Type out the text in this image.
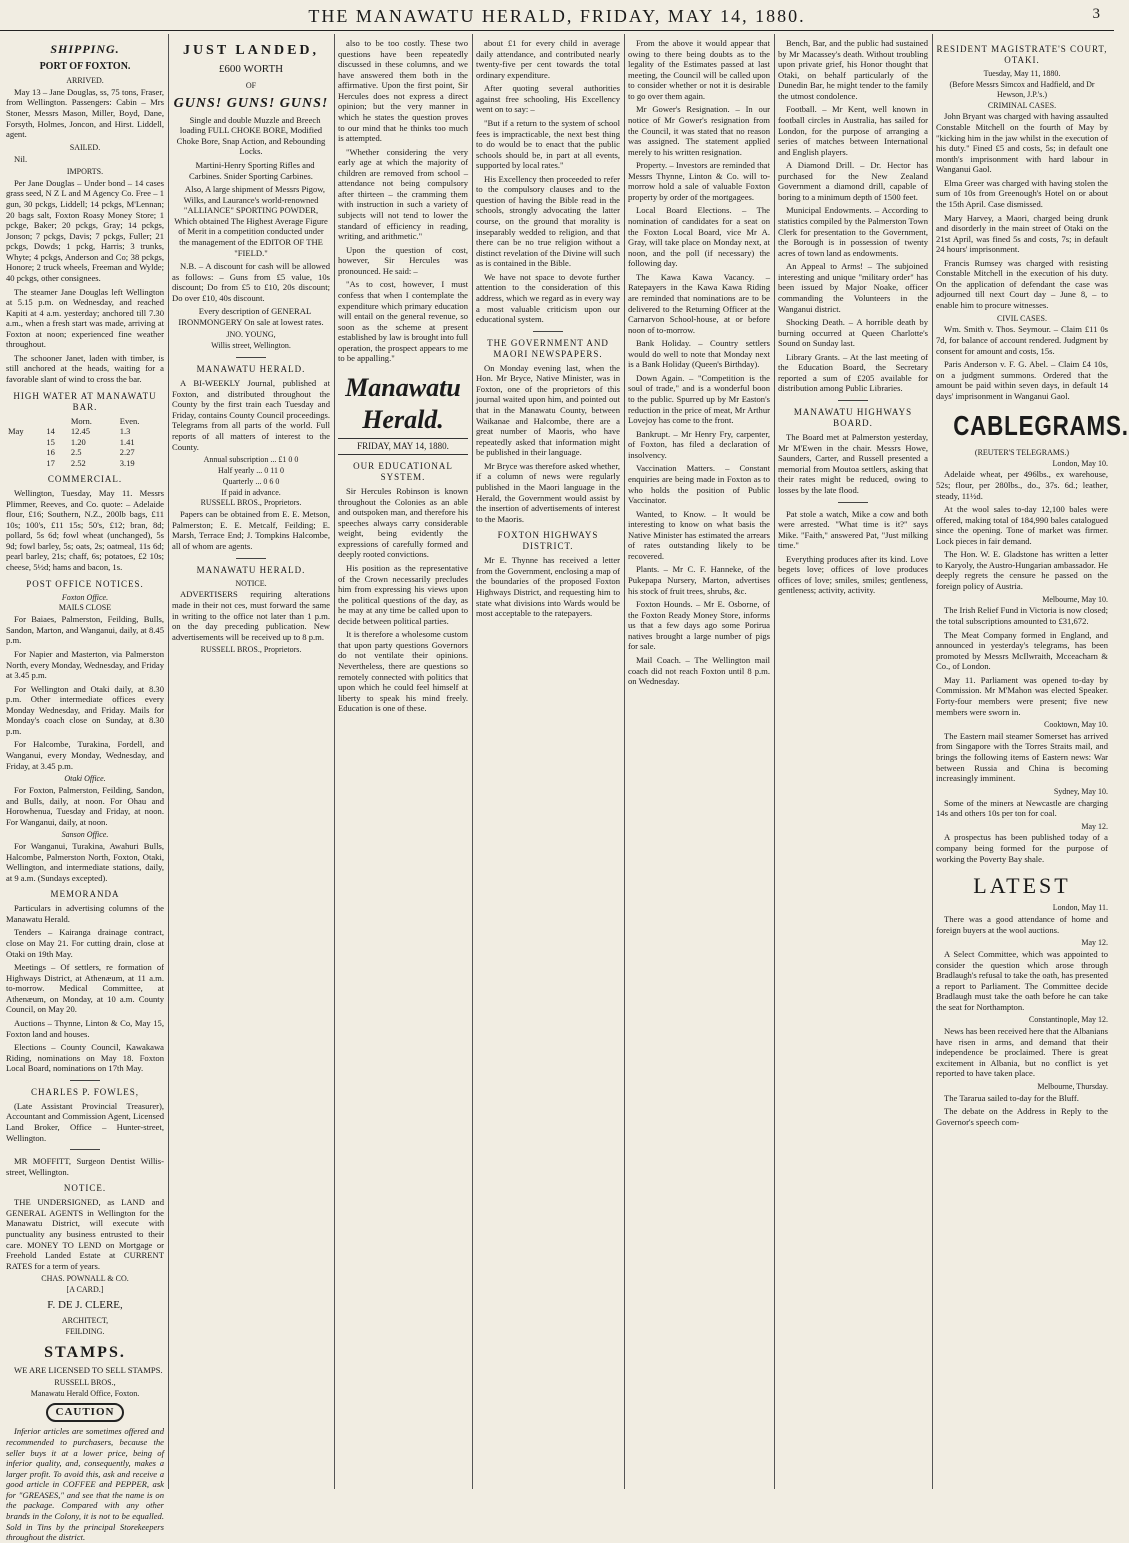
THE MANAWATU HERALD, FRIDAY, MAY 14, 1880.	3
SHIPPING.
PORT OF FOXTON.
ARRIVED.

May 13 – Jane Douglas, ss, 75 tons, Fraser, from Wellington. Passengers: Cabin – Mrs Stoner, Messrs Mason, Miller, Boyd, Dane, Forsyth, Holmes, Joncon, and Hirst. Liddell, agent.

SAILED.

Nil.

IMPORTS.

Per Jane Douglas – Under bond – 14 cases grass seed, N Z L and M Agency Co. Free – 1 gun, 30 pckgs, Liddell; 14 pckgs, M'Lennan; 20 bags salt, Foxton Roasy Money Store; 1 pckge, Baker; 20 pckgs, Gray; 14 pckgs, Jonson; 7 pckgs, Davis; 7 pckgs, Fuller; 21 pckgs, Dowds; 1 pckg, Harris; 3 trunks, Whyte; 4 pckgs, Anderson and Co; 38 pckgs, Honore; 2 truck wheels, Freeman and Wylde; 40 pckgs, other consignees.

The steamer Jane Douglas left Wellington at 5.15 p.m. on Wednesday, and reached Kapiti at 4 a.m. yesterday; anchored till 7.30 a.m., when a fresh start was made, arriving at Foxton at noon; experienced fine weather throughout.

The schooner Janet, laden with timber, is still anchored at the heads, waiting for a favorable slant of wind to cross the bar.

HIGH WATER AT MANAWATU BAR.
		Morn.	Even.
May	14	12.45	1.3
	15	1.20	1.41
	16	2.5	2.27
	17	2.52	3.19
COMMERCIAL.

Wellington, Tuesday, May 11. Messrs Plimmer, Reeves, and Co. quote: – Adelaide flour, £16; Southern, N.Z., 200lb bags, £11 10s; 100's, £11 15s; 50's, £12; bran, 8d; pollard, 5s 6d; fowl wheat (unchanged), 5s 9d; fowl barley, 5s; oats, 2s; oatmeal, 11s 6d; pearl barley, 21s; chaff, 6s; potatoes, £2 10s; cheese, 5½d; hams and bacon, 1s.

POST OFFICE NOTICES.
Foxton Office.
MAILS CLOSE

For Baiaes, Palmerston, Feilding, Bulls, Sandon, Marton, and Wanganui, daily, at 8.45 p.m.

For Napier and Masterton, via Palmerston North, every Monday, Wednesday, and Friday at 3.45 p.m.

For Wellington and Otaki daily, at 8.30 p.m. Other intermediate offices every Monday Wednesday, and Friday. Mails for Monday's coach close on Sunday, at 8.30 p.m.

For Halcombe, Turakina, Fordell, and Wanganui, every Monday, Wednesday, and Friday, at 3.45 p.m.

Otaki Office.

For Foxton, Palmerston, Feilding, Sandon, and Bulls, daily, at noon. For Ohau and Horowhenua, Tuesday and Friday, at noon. For Wanganui, daily, at noon.

Sanson Office.

For Wanganui, Turakina, Awahuri Bulls, Halcombe, Palmerston North, Foxton, Otaki, Wellington, and intermediate stations, daily, at 9 a.m. (Sundays excepted).

MEMORANDA

Particulars in advertising columns of the Manawatu Herald.

Tenders – Kairanga drainage contract, close on May 21. For cutting drain, close at Otaki on 19th May.

Meetings – Of settlers, re formation of Highways District, at Athenæum, at 11 a.m. to-morrow. Medical Committee, at Athenæum, on Monday, at 10 a.m. County Council, on May 20.

Auctions – Thynne, Linton & Co, May 15, Foxton land and houses.

Elections – County Council, Kawakawa Riding, nominations on May 18. Foxton Local Board, nominations on 17th May.

CHARLES P. FOWLES,

(Late Assistant Provincial Treasurer), Accountant and Commission Agent, Licensed Land Broker, Office – Hunter-street, Wellington.

MR MOFFITT, Surgeon Dentist Willis-street, Wellington.

NOTICE.

THE UNDERSIGNED, as LAND and GENERAL AGENTS in Wellington for the Manawatu District, will execute with punctuality any business entrusted to their care. MONEY TO LEND on Mortgage or Freehold Landed Estate at CURRENT RATES for a term of years.

CHAS. POWNALL & CO.
[A CARD.]
F. DE J. CLERE,
ARCHITECT,
FEILDING.
STAMPS.

WE ARE LICENSED TO SELL STAMPS.

RUSSELL BROS.,
Manawatu Herald Office, Foxton.
CAUTION

Inferior articles are sometimes offered and recommended to purchasers, because the seller buys it at a lower price, being of inferior quality, and, consequently, makes a larger profit. To avoid this, ask and receive a good article in COFFEE and PEPPER, ask for "GREASES," and see that the name is on the package. Compared with any other brands in the Colony, it is not to be equalled. Sold in Tins by the principal Storekeepers throughout the district.

JUST LANDED,
£600 WORTH
OF
GUNS! GUNS! GUNS!

Single and double Muzzle and Breech loading FULL CHOKE BORE, Modified Choke Bore, Snap Action, and Rebounding Locks.

Martini-Henry Sporting Rifles and Carbines. Snider Sporting Carbines.

Also, A large shipment of Messrs Pigow, Wilks, and Laurance's world-renowned "ALLIANCE" SPORTING POWDER, Which obtained The Highest Average Figure of Merit in a competition conducted under the management of the EDITOR OF THE "FIELD."

N.B. – A discount for cash will be allowed as follows: – Guns from £5 value, 10s discount; Do from £5 to £10, 20s discount; Do over £10, 40s discount.

Every description of GENERAL IRONMONGERY On sale at lowest rates.

JNO. YOUNG,
Willis street, Wellington.
MANAWATU HERALD.

A BI-WEEKLY Journal, published at Foxton, and distributed throughout the County by the first train each Tuesday and Friday, contains County Council proceedings. Telegrams from all parts of the world. Full reports of all matters of interest to the County.

Annual subscription ... £1 0 0
Half yearly ... 0 11 0
Quarterly ... 0 6 0
If paid in advance.
RUSSELL BROS., Proprietors.

Papers can be obtained from E. E. Metson, Palmerston; E. E. Metcalf, Feilding; E. Marsh, Terrace End; J. Tompkins Halcombe, all of whom are agents.

MANAWATU HERALD.
NOTICE.

ADVERTISERS requiring alterations made in their not ces, must forward the same in writing to the office not later than 1 p.m. on the day preceding publication. New advertisements will be received up to 8 p.m.

RUSSELL BROS., Proprietors.

also to be too costly. These two questions have been repeatedly discussed in these columns, and we have answered them both in the affirmative. Upon the first point, Sir Hercules does not express a direct opinion; but the very manner in which he states the question proves to our mind that he thinks too much is attempted.

"Whether considering the very early age at which the majority of children are removed from school – attendance not being compulsory after thirteen – the cramming them with instruction in such a variety of subjects will not tend to lower the standard of efficiency in reading, writing, and arithmetic."

Upon the question of cost, however, Sir Hercules was pronounced. He said: –

"As to cost, however, I must confess that when I contemplate the expenditure which primary education will entail on the general revenue, so soon as the scheme at present established by law is brought into full operation, the prospect appears to me to be appalling."

Manawatu Herald.
FRIDAY, MAY 14, 1880.
OUR EDUCATIONAL SYSTEM.

Sir Hercules Robinson is known throughout the Colonies as an able and outspoken man, and therefore his speeches always carry considerable weight, being evidently the expressions of carefully formed and deeply rooted convictions.

His position as the representative of the Crown necessarily precludes him from expressing his views upon the political questions of the day, as he may at any time be called upon to decide between political parties.

It is therefore a wholesome custom that upon party questions Governors do not ventilate their opinions. Nevertheless, there are questions so remotely connected with politics that upon which he could feel himself at liberty to speak his mind freely. Education is one of these.

about £1 for every child in average daily attendance, and contributed nearly twenty-five per cent towards the total ordinary expenditure.

After quoting several authorities against free schooling, His Excellency went on to say: –

"But if a return to the system of school fees is impracticable, the next best thing to do would be to enact that the public schools should be, in part at all events, supported by local rates."

His Excellency then proceeded to refer to the compulsory clauses and to the question of having the Bible read in the schools, strongly advocating the latter course, on the ground that morality is inseparably wedded to religion, and that there can be no true religion without a distinct revelation of the Divine will such as is contained in the Bible.

We have not space to devote further attention to the consideration of this address, which we regard as in every way a most valuable criticism upon our educational system.

THE GOVERNMENT AND MAORI NEWSPAPERS.

On Monday evening last, when the Hon. Mr Bryce, Native Minister, was in Foxton, one of the proprietors of this journal waited upon him, and pointed out that in the Manawatu County, between Waikanae and Halcombe, there are a great number of Maoris, who have repeatedly asked that information might be published in their language.

Mr Bryce was therefore asked whether, if a column of news were regularly published in the Maori language in the Herald, the Government would assist by the insertion of advertisements of interest to the Maoris.

FOXTON HIGHWAYS DISTRICT.

Mr E. Thynne has received a letter from the Government, enclosing a map of the boundaries of the proposed Foxton Highways District, and requesting him to state what divisions into Wards would be most acceptable to the ratepayers.

From the above it would appear that owing to there being doubts as to the legality of the Estimates passed at last meeting, the Council will be called upon to consider whether or not it is desirable to go over them again.

Mr Gower's Resignation. – In our notice of Mr Gower's resignation from the Council, it was stated that no reason was assigned. The statement applied merely to his written resignation.

Property. – Investors are reminded that Messrs Thynne, Linton & Co. will to-morrow hold a sale of valuable Foxton property by order of the mortgagees.

Local Board Elections. – The nomination of candidates for a seat on the Foxton Local Board, vice Mr A. Gray, will take place on Monday next, at noon, and the poll (if necessary) the following day.

The Kawa Kawa Vacancy. – Ratepayers in the Kawa Kawa Riding are reminded that nominations are to be delivered to the Returning Officer at the Carnarvon School-house, at or before noon of to-morrow.

Bank Holiday. – Country settlers would do well to note that Monday next is a Bank Holiday (Queen's Birthday).

Down Again. – "Competition is the soul of trade," and is a wonderful boon to the public. Spurred up by Mr Easton's reduction in the price of meat, Mr Arthur Lovejoy has come to the front.

Bankrupt. – Mr Henry Fry, carpenter, of Foxton, has filed a declaration of insolvency.

Vaccination Matters. – Constant enquiries are being made in Foxton as to who holds the position of Public Vaccinator.

Wanted, to Know. – It would be interesting to know on what basis the Native Minister has estimated the arrears of rates outstanding likely to be recovered.

Plants. – Mr C. F. Hanneke, of the Pukepapa Nursery, Marton, advertises his stock of fruit trees, shrubs, &c.

Foxton Hounds. – Mr E. Osborne, of the Foxton Ready Money Store, informs us that a few days ago some Porirua natives brought a large number of pigs for sale.

Mail Coach. – The Wellington mail coach did not reach Foxton until 8 p.m. on Wednesday.

Bench, Bar, and the public had sustained by Mr Macassey's death. Without troubling upon private grief, his Honor thought that Otaki, on behalf particularly of the Dunedin Bar, he might tender to the family the utmost condolence.

Football. – Mr Kent, well known in football circles in Australia, has sailed for London, for the purpose of arranging a series of matches between International and English players.

A Diamond Drill. – Dr. Hector has purchased for the New Zealand Government a diamond drill, capable of boring to a minimum depth of 1500 feet.

Municipal Endowments. – According to statistics compiled by the Palmerston Town Clerk for presentation to the Government, the Borough is in possession of twenty acres of town land as endowments.

An Appeal to Arms! – The subjoined interesting and unique "military order" has been issued by Major Noake, officer commanding the Volunteers in the Wanganui district.

Shocking Death. – A horrible death by burning occurred at Queen Charlotte's Sound on Sunday last.

Library Grants. – At the last meeting of the Education Board, the Secretary reported a sum of £205 available for distribution among Public Libraries.

MANAWATU HIGHWAYS BOARD.

The Board met at Palmerston yesterday, Mr M'Ewen in the chair. Messrs Howe, Saunders, Carter, and Russell presented a memorial from Moutoa settlers, asking that their rates might be reduced, owing to losses by the late flood.

Pat stole a watch, Mike a cow and both were arrested. "What time is it?" says Mike. "Faith," answered Pat, "Just milking time."

Everything produces after its kind. Love begets love; offices of love produces offices of love; smiles, smiles; gentleness, gentleness; activity, activity.

RESIDENT MAGISTRATE'S COURT, OTAKI.
Tuesday, May 11, 1880.
(Before Messrs Simcox and Hadfield, and Dr Hewson, J.P.'s.)
CRIMINAL CASES.

John Bryant was charged with having assaulted Constable Mitchell on the fourth of May by "kicking him in the jaw whilst in the execution of his duty." Fined £5 and costs, 5s; in default one month's imprisonment with hard labour in Wanganui Gaol.

Elma Greer was charged with having stolen the sum of 10s from Greenough's Hotel on or about the 15th April. Case dismissed.

Mary Harvey, a Maori, charged being drunk and disorderly in the main street of Otaki on the 21st April, was fined 5s and costs, 7s; in default 24 hours' imprisonment.

Francis Rumsey was charged with resisting Constable Mitchell in the execution of his duty. On the application of defendant the case was adjourned till next Court day – June 8, – to enable him to procure witnesses.

CIVIL CASES.

Wm. Smith v. Thos. Seymour. – Claim £11 0s 7d, for balance of account rendered. Judgment by consent for amount and costs, 15s.

Paris Anderson v. F. G. Abel. – Claim £4 10s, on a judgment summons. Ordered that the amount be paid within seven days, in default 14 days' imprisonment in Wanganui Gaol.

CABLEGRAMS.
(REUTER'S TELEGRAMS.)
London, May 10.

Adelaide wheat, per 496lbs., ex warehouse, 52s; flour, per 280lbs., do., 37s. 6d.; leather, steady, 11½d.

At the wool sales to-day 12,100 bales were offered, making total of 184,990 bales catalogued since the opening. Tone of market was firmer. Lock pieces in fair demand.

The Hon. W. E. Gladstone has written a letter to Karyoly, the Austro-Hungarian ambassador. He deeply regrets the censure he passed on the foreign policy of Austria.

Melbourne, May 10.

The Irish Relief Fund in Victoria is now closed; the total subscriptions amounted to £31,672.

The Meat Company formed in England, and announced in yesterday's telegrams, has been promoted by Messrs McIlwraith, Mcceacharn & Co., of London.

May 11. Parliament was opened to-day by Commission. Mr M'Mahon was elected Speaker. Forty-four members were present; five new members were sworn in.

Cooktown, May 10.

The Eastern mail steamer Somerset has arrived from Singapore with the Torres Straits mail, and brings the following items of Eastern news: War between Russia and China is becoming increasingly imminent.

Sydney, May 10.

Some of the miners at Newcastle are charging 14s and others 10s per ton for coal.

May 12.

A prospectus has been published today of a company being formed for the purpose of working the Poverty Bay shale.

LATEST
London, May 11.

There was a good attendance of home and foreign buyers at the wool auctions.

May 12.

A Select Committee, which was appointed to consider the question which arose through Bradlaugh's refusal to take the oath, has presented a report to Parliament. The Committee decide Bradlaugh must take the oath before he can take the seat for Northampton.

Constantinople, May 12.

News has been received here that the Albanians have risen in arms, and demand that their independence be proclaimed. There is great excitement in Albania, but no conflict is yet reported to have taken place.

Melbourne, Thursday.

The Tararua sailed to-day for the Bluff.

The debate on the Address in Reply to the Governor's speech com-
